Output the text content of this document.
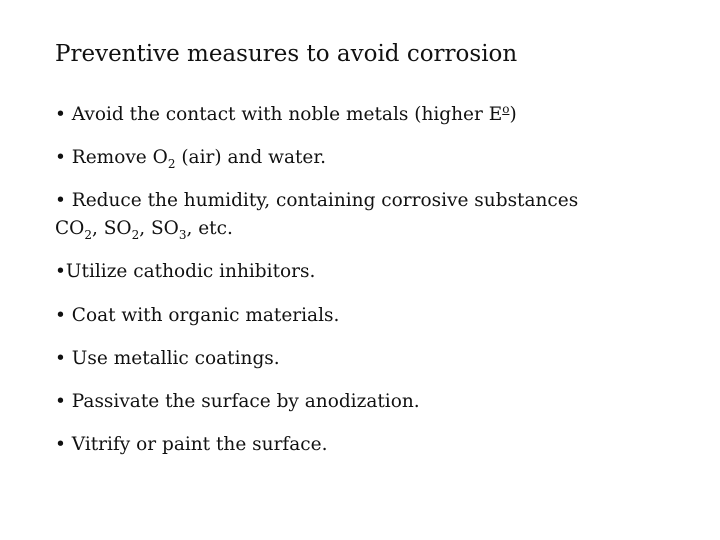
Preventive measures to avoid corrosion
• Avoid the contact with noble metals (higher $E^o$)
• Remove $O_2$ (air) and water.
• Reduce the humidity, containing corrosive substances
$CO_2$, $SO_2$, $SO_3$, etc.
•Utilize cathodic inhibitors.
• Coat with organic materials.
• Use metallic coatings.
• Passivate the surface by anodization.
• Vitrify or paint the surface.
